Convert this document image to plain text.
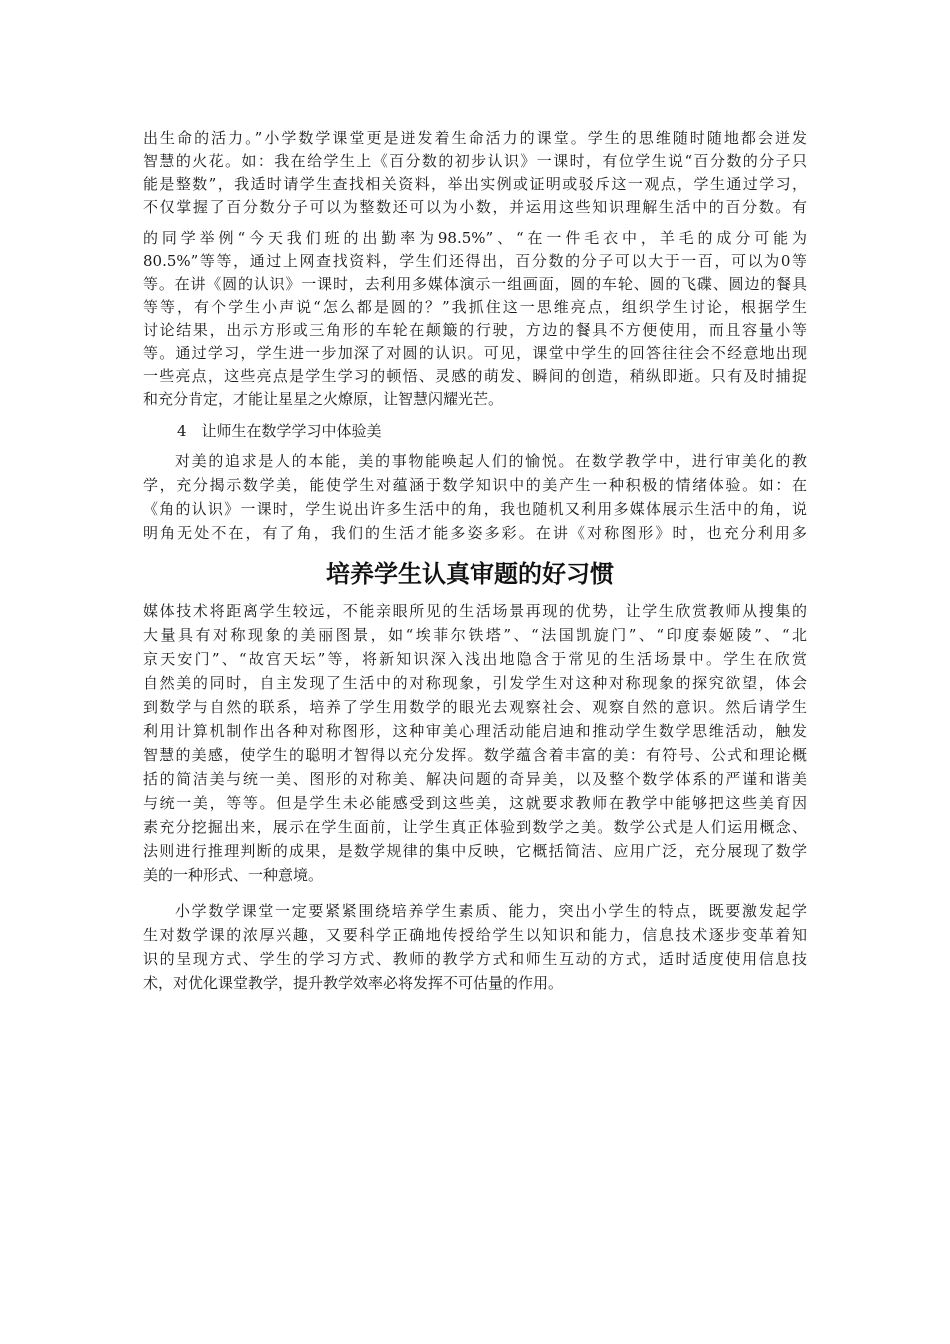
出生命的活力。”小学数学课堂更是迸发着生命活力的课堂。学生的思维随时随地都会迸发
智慧的火花。如：我在给学生上《百分数的初步认识》一课时，有位学生说“百分数的分子只
能是整数”，我适时请学生查找相关资料，举出实例或证明或驳斥这一观点，学生通过学习，
不仅掌握了百分数分子可以为整数还可以为小数，并运用这些知识理解生活中的百分数。有
的同学举例“今天我们班的出勤率为98.5%”、“在一件毛衣中，羊毛的成分可能为
80.5%”等等，通过上网查找资料，学生们还得出，百分数的分子可以大于一百，可以为0等
等。在讲《圆的认识》一课时，去利用多媒体演示一组画面，圆的车轮、圆的飞碟、圆边的餐具
等等，有个学生小声说“怎么都是圆的？”我抓住这一思维亮点，组织学生讨论，根据学生
讨论结果，出示方形或三角形的车轮在颠簸的行驶，方边的餐具不方便使用，而且容量小等
等。通过学习，学生进一步加深了对圆的认识。可见，课堂中学生的回答往往会不经意地出现
一些亮点，这些亮点是学生学习的顿悟、灵感的萌发、瞬间的创造，稍纵即逝。只有及时捕捉
和充分肯定，才能让星星之火燎原，让智慧闪耀光芒。
4　让师生在数学学习中体验美
对美的追求是人的本能，美的事物能唤起人们的愉悦。在数学教学中，进行审美化的教
学，充分揭示数学美，能使学生对蕴涵于数学知识中的美产生一种积极的情绪体验。如：在
《角的认识》一课时，学生说出许多生活中的角，我也随机又利用多媒体展示生活中的角，说
明角无处不在，有了角，我们的生活才能多姿多彩。在讲《对称图形》时，也充分利用多
培养学生认真审题的好习惯
媒体技术将距离学生较远，不能亲眼所见的生活场景再现的优势，让学生欣赏教师从搜集的
大量具有对称现象的美丽图景，如“埃菲尔铁塔”、“法国凯旋门”、“印度泰姬陵”、“北
京天安门”、“故宫天坛”等，将新知识深入浅出地隐含于常见的生活场景中。学生在欣赏
自然美的同时，自主发现了生活中的对称现象，引发学生对这种对称现象的探究欲望，体会
到数学与自然的联系，培养了学生用数学的眼光去观察社会、观察自然的意识。然后请学生
利用计算机制作出各种对称图形，这种审美心理活动能启迪和推动学生数学思维活动，触发
智慧的美感，使学生的聪明才智得以充分发挥。数学蕴含着丰富的美：有符号、公式和理论概
括的简洁美与统一美、图形的对称美、解决问题的奇异美，以及整个数学体系的严谨和谐美
与统一美，等等。但是学生未必能感受到这些美，这就要求教师在教学中能够把这些美育因
素充分挖掘出来，展示在学生面前，让学生真正体验到数学之美。数学公式是人们运用概念、
法则进行推理判断的成果，是数学规律的集中反映，它概括简洁、应用广泛，充分展现了数学
美的一种形式、一种意境。
小学数学课堂一定要紧紧围绕培养学生素质、能力，突出小学生的特点，既要激发起学
生对数学课的浓厚兴趣，又要科学正确地传授给学生以知识和能力，信息技术逐步变革着知
识的呈现方式、学生的学习方式、教师的教学方式和师生互动的方式，适时适度使用信息技
术，对优化课堂教学，提升教学效率必将发挥不可估量的作用。
